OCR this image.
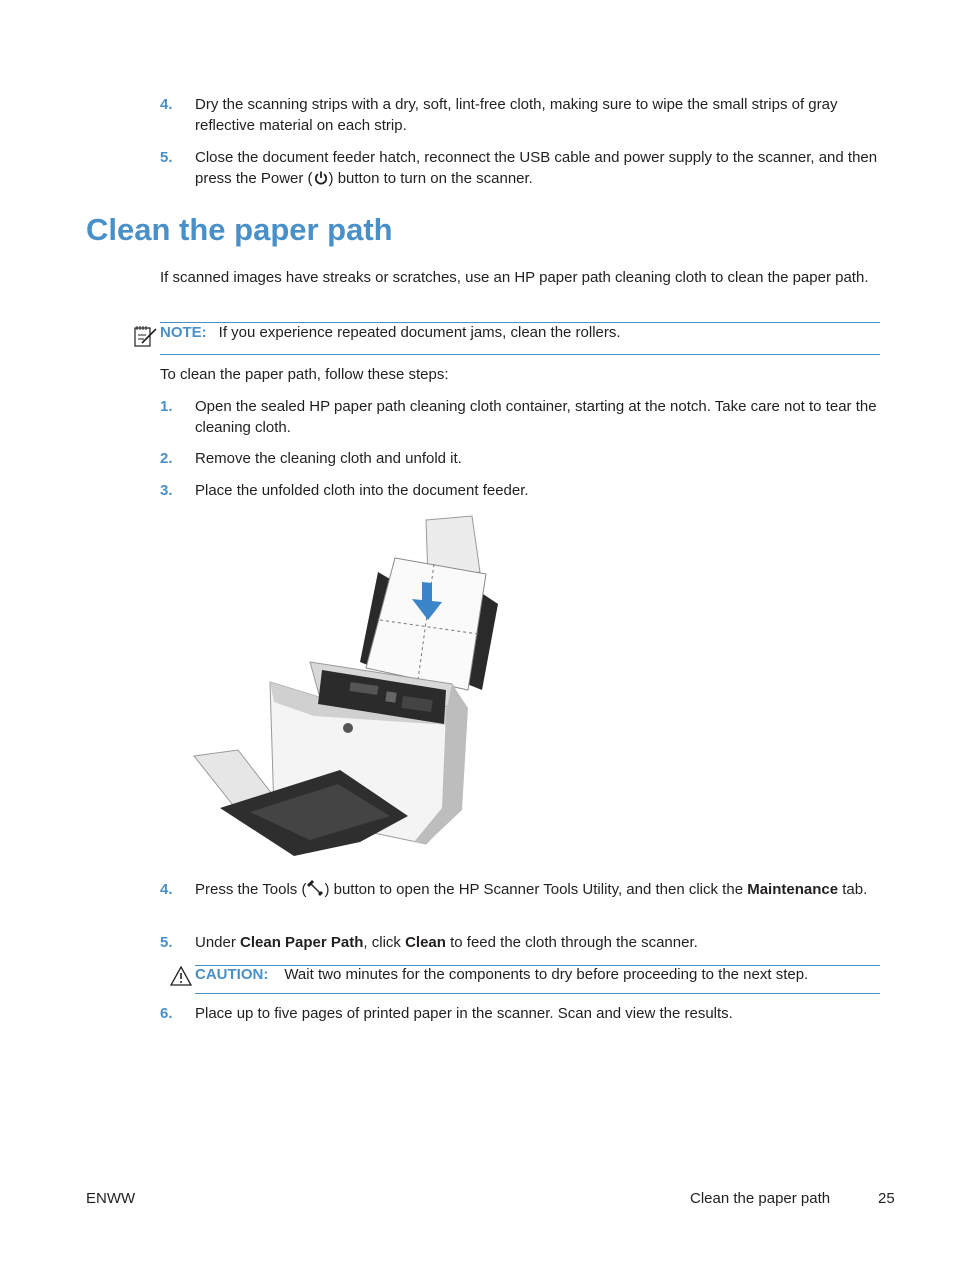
4.	Dry the scanning strips with a dry, soft, lint-free cloth, making sure to wipe the small strips of gray reflective material on each strip.
5.	Close the document feeder hatch, reconnect the USB cable and power supply to the scanner, and then press the Power ( ) button to turn on the scanner.
Clean the paper path
If scanned images have streaks or scratches, use an HP paper path cleaning cloth to clean the paper path.
NOTE: If you experience repeated document jams, clean the rollers.
To clean the paper path, follow these steps:
1.	Open the sealed HP paper path cleaning cloth container, starting at the notch. Take care not to tear the cleaning cloth.
2.	Remove the cleaning cloth and unfold it.
3.	Place the unfolded cloth into the document feeder.
4.	Press the Tools ( ) button to open the HP Scanner Tools Utility, and then click the Maintenance tab.
5.	Under Clean Paper Path, click Clean to feed the cloth through the scanner.
CAUTION: Wait two minutes for the components to dry before proceeding to the next step.
6.	Place up to five pages of printed paper in the scanner. Scan and view the results.
ENWW	Clean the paper path	25
